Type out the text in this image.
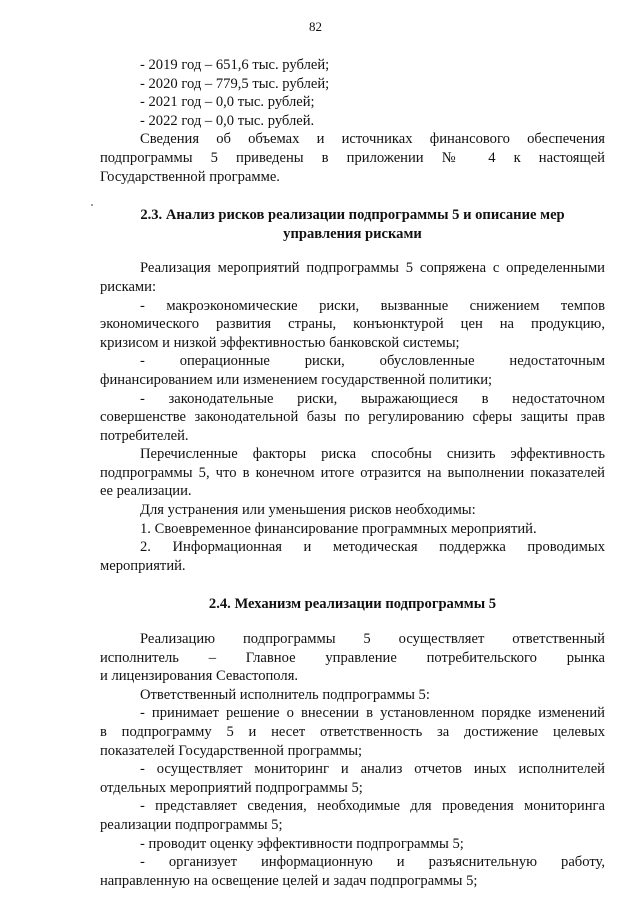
82
- 2019 год – 651,6 тыс. рублей;
- 2020 год – 779,5 тыс. рублей;
- 2021 год – 0,0 тыс. рублей;
- 2022 год – 0,0 тыс. рублей.
Сведения об объемах и источниках финансового обеспечения
подпрограммы 5 приведены в приложении № 4 к настоящей
Государственной программе.
2.3. Анализ рисков реализации подпрограммы 5 и описание мер
управления рисками
Реализация мероприятий подпрограммы 5 сопряжена с определенными
рисками:
- макроэкономические риски, вызванные снижением темпов
экономического развития страны, конъюнктурой цен на продукцию,
кризисом и низкой эффективностью банковской системы;
- операционные риски, обусловленные недостаточным
финансированием или изменением государственной политики;
- законодательные риски, выражающиеся в недостаточном
совершенстве законодательной базы по регулированию сферы защиты прав
потребителей.
Перечисленные факторы риска способны снизить эффективность
подпрограммы 5, что в конечном итоге отразится на выполнении показателей
ее реализации.
Для устранения или уменьшения рисков необходимы:
1. Своевременное финансирование программных мероприятий.
2. Информационная и методическая поддержка проводимых
мероприятий.
2.4. Механизм реализации подпрограммы 5
Реализацию подпрограммы 5 осуществляет ответственный
исполнитель – Главное управление потребительского рынка
и лицензирования Севастополя.
Ответственный исполнитель подпрограммы 5:
- принимает решение о внесении в установленном порядке изменений
в подпрограмму 5 и несет ответственность за достижение целевых
показателей Государственной программы;
- осуществляет мониторинг и анализ отчетов иных исполнителей
отдельных мероприятий подпрограммы 5;
- представляет сведения, необходимые для проведения мониторинга
реализации подпрограммы 5;
- проводит оценку эффективности подпрограммы 5;
- организует информационную и разъяснительную работу,
направленную на освещение целей и задач подпрограммы 5;
